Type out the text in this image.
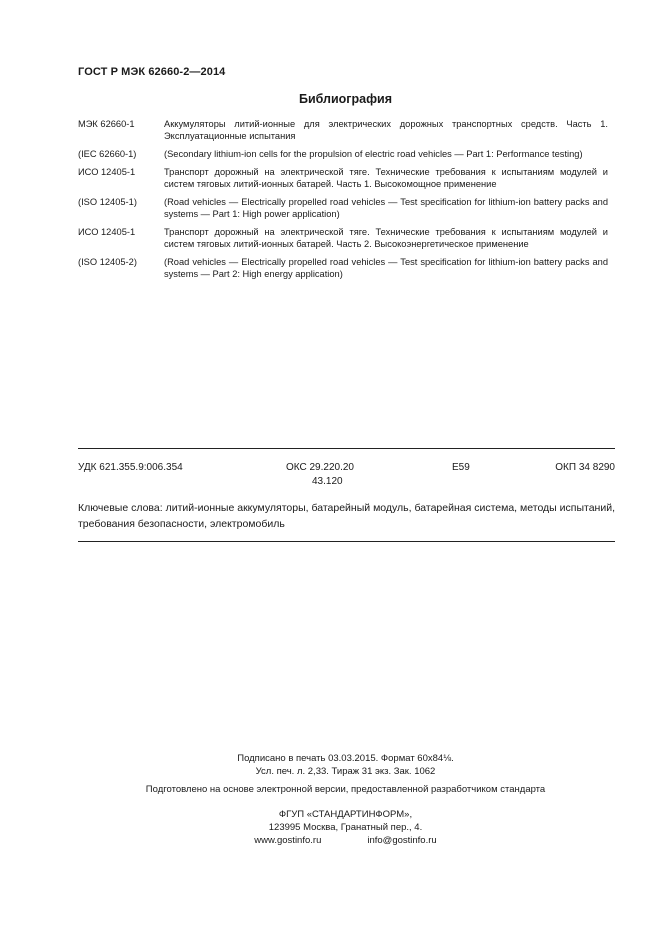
ГОСТ Р МЭК 62660-2—2014
Библиография
МЭК 62660-1	Аккумуляторы литий-ионные для электрических дорожных транспортных средств. Часть 1. Эксплуатационные испытания
(IEC 62660-1)	(Secondary lithium-ion cells for the propulsion of electric road vehicles — Part 1: Performance testing)
ИСО 12405-1	Транспорт дорожный на электрической тяге. Технические требования к испытаниям модулей и систем тяговых литий-ионных батарей. Часть 1. Высокомощное применение
(ISO 12405-1)	(Road vehicles — Electrically propelled road vehicles — Test specification for lithium-ion battery packs and systems — Part 1: High power application)
ИСО 12405-1	Транспорт дорожный на электрической тяге. Технические требования к испытаниям модулей и систем тяговых литий-ионных батарей. Часть 2. Высокоэнергетическое применение
(ISO 12405-2)	(Road vehicles — Electrically propelled road vehicles — Test specification for lithium-ion battery packs and systems — Part 2: High energy application)
УДК 621.355.9:006.354	ОКС 29.220.20
43.120
E59	ОКП 34 8290
Ключевые слова: литий-ионные аккумуляторы, батарейный модуль, батарейная система, методы испытаний, требования безопасности, электромобиль
Подписано в печать 03.03.2015. Формат 60x84⅛.
Усл. печ. л. 2,33. Тираж 31 экз. Зак. 1062
Подготовлено на основе электронной версии, предоставленной разработчиком стандарта
ФГУП «СТАНДАРТИНФОРМ»,
123995 Москва, Гранатный пер., 4.
www.gostinfo.ru	info@gostinfo.ru
